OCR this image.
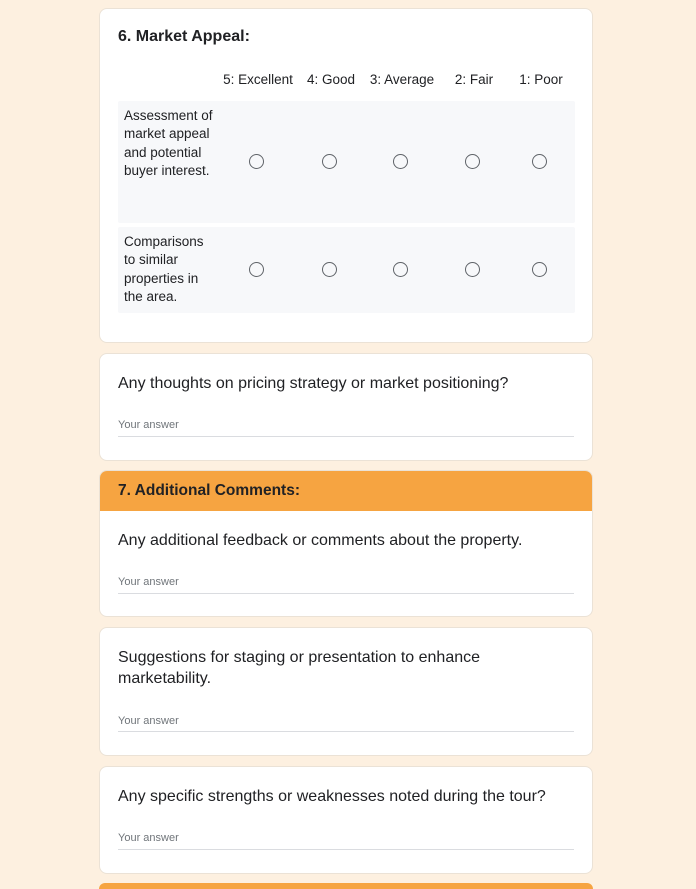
6. Market Appeal:
5: Excellent 4: Good 3: Average 2: Fair 1: Poor
Assessment of market appeal and potential buyer interest.
Comparisons to similar properties in the area.
Any thoughts on pricing strategy or market positioning?
Your answer
7. Additional Comments:
Any additional feedback or comments about the property.
Your answer
Suggestions for staging or presentation to enhance marketability.
Your answer
Any specific strengths or weaknesses noted during the tour?
Your answer
